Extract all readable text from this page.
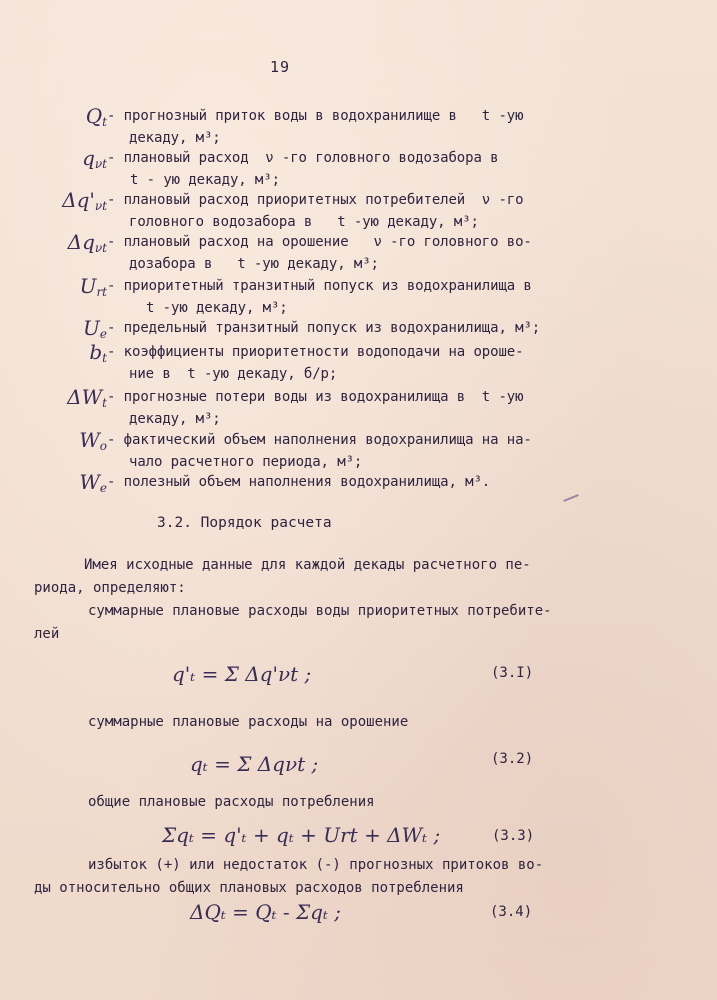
19
$Q_t$ - прогнозный приток воды в водохранилище в   t -ую
декаду, м³;
$q_{\nu t}$ - плановый расход  ν -го головного водозабора в
t - ую декаду, м³;
$\Delta q'_{\nu t}$ - плановый расход приоритетных потребителей  ν -го
головного водозабора в   t -ую декаду, м³;
$\Delta q_{\nu t}$ - плановый расход на орошение   ν -го головного во-
дозабора в   t -ую декаду, м³;
$U_{rt}$ - приоритетный транзитный попуск из водохранилища в
t -ую декаду, м³;
$U_e$ - предельный транзитный попуск из водохранилища, м³;
$b_t$ - коэффициенты приоритетности водоподачи на ороше-
ние в  t -ую декаду, б/р;
$\Delta W_t$ - прогнозные потери воды из водохранилища в  t -ую
декаду, м³;
$W_o$ - фактический объем наполнения водохранилища на на-
чало расчетного периода, м³;
$W_e$ - полезный объем наполнения водохранилища, м³.
3.2. Порядок расчета
Имея исходные данные для каждой декады расчетного пе-
риода, определяют:
суммарные плановые расходы воды приоритетных потребите-
лей
q'ₜ = Σ Δq'νt ;	(3.I)
суммарные плановые расходы на орошение
qₜ = Σ Δqνt ;	(3.2)
общие плановые расходы потребления
Σqₜ = q'ₜ + qₜ + Urt + ΔWₜ ;	(3.3)
избыток (+) или недостаток (-) прогнозных притоков во-
ды относительно общих плановых расходов потребления
ΔQₜ = Qₜ - Σqₜ ;	(3.4)
